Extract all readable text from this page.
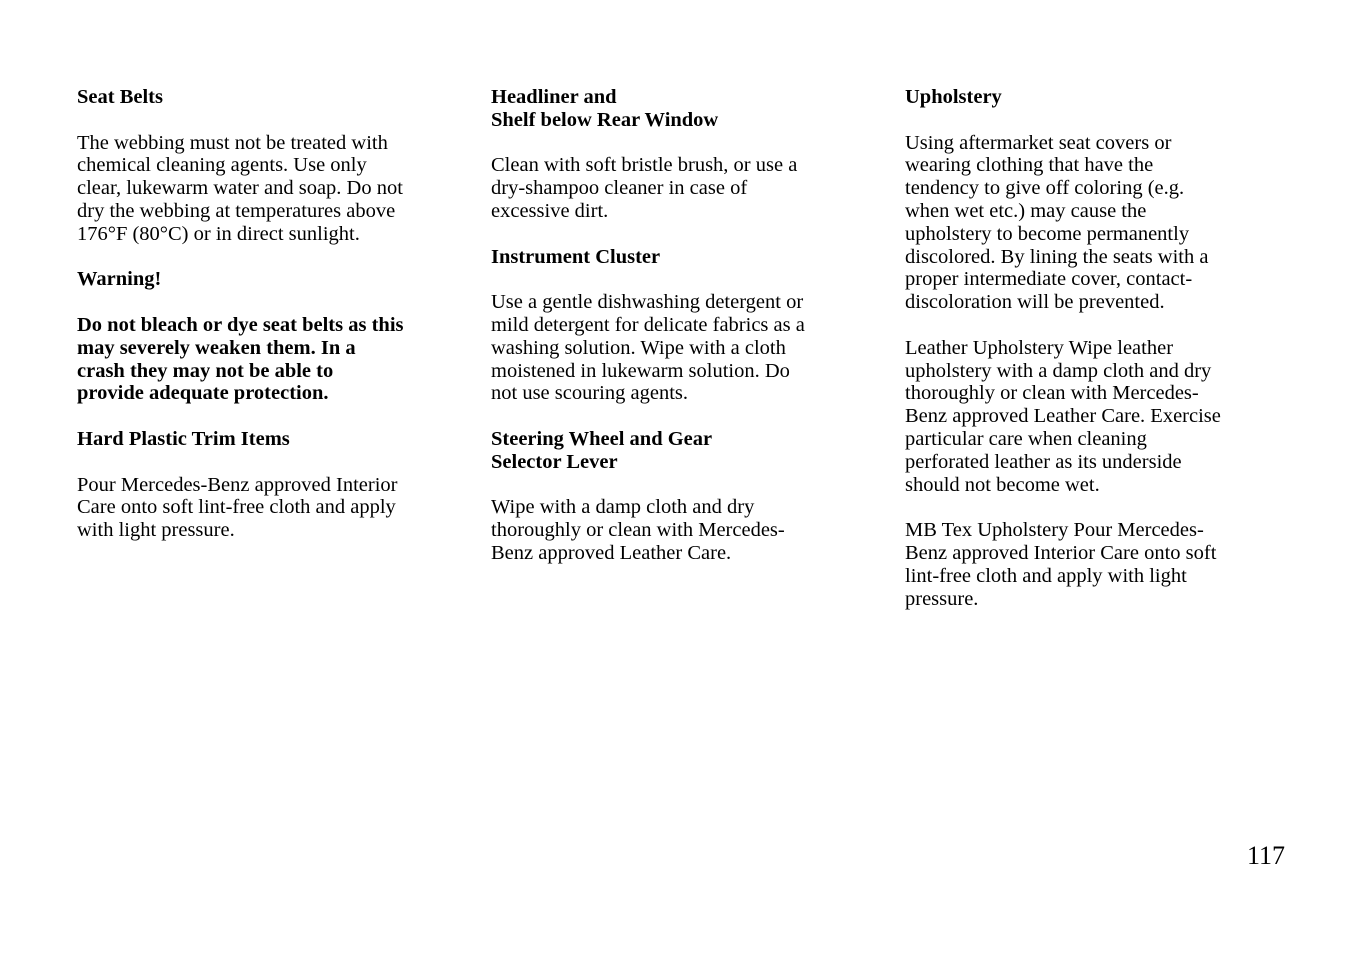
Seat Belts
The webbing must not be treated with
chemical cleaning agents. Use only
clear, lukewarm water and soap. Do not
dry the webbing at temperatures above
176°F (80°C) or in direct sunlight.
Warning!
Do not bleach or dye seat belts as this
may severely weaken them. In a
crash they may not be able to
provide adequate protection.
Hard Plastic Trim Items
Pour Mercedes-Benz approved Interior
Care onto soft lint-free cloth and apply
with light pressure.
Headliner and
Shelf below Rear Window
Clean with soft bristle brush, or use a
dry-shampoo cleaner in case of
excessive dirt.
Instrument Cluster
Use a gentle dishwashing detergent or
mild detergent for delicate fabrics as a
washing solution. Wipe with a cloth
moistened in lukewarm solution. Do
not use scouring agents.
Steering Wheel and Gear
Selector Lever
Wipe with a damp cloth and dry
thoroughly or clean with Mercedes-
Benz approved Leather Care.
Upholstery
Using aftermarket seat covers or
wearing clothing that have the
tendency to give off coloring (e.g.
when wet etc.) may cause the
upholstery to become permanently
discolored. By lining the seats with a
proper intermediate cover, contact-
discoloration will be prevented.
Leather Upholstery Wipe leather
upholstery with a damp cloth and dry
thoroughly or clean with Mercedes-
Benz approved Leather Care. Exercise
particular care when cleaning
perforated leather as its underside
should not become wet.
MB Tex Upholstery Pour Mercedes-
Benz approved Interior Care onto soft
lint-free cloth and apply with light
pressure.
117
